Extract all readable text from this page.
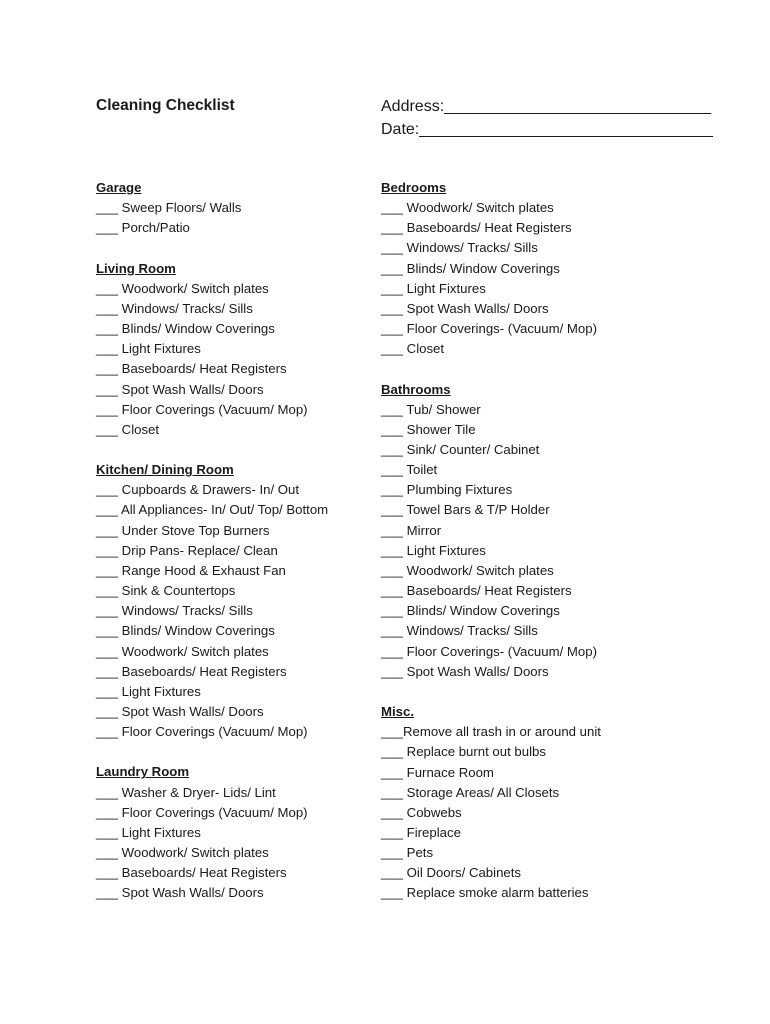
Cleaning Checklist	Address:______________________________
Date:_________________________________
Garage
___ Sweep Floors/ Walls
___ Porch/Patio
Living Room
___ Woodwork/ Switch plates
___ Windows/ Tracks/ Sills
___ Blinds/ Window Coverings
___ Light Fixtures
___ Baseboards/ Heat Registers
___ Spot Wash Walls/ Doors
___ Floor Coverings (Vacuum/ Mop)
___ Closet
Kitchen/ Dining Room
___ Cupboards & Drawers- In/ Out
___ All Appliances- In/ Out/ Top/ Bottom
___ Under Stove Top Burners
___ Drip Pans- Replace/ Clean
___ Range Hood & Exhaust Fan
___ Sink & Countertops
___ Windows/ Tracks/ Sills
___ Blinds/ Window Coverings
___ Woodwork/ Switch plates
___ Baseboards/ Heat Registers
___ Light Fixtures
___ Spot Wash Walls/ Doors
___ Floor Coverings (Vacuum/ Mop)
Laundry Room
___ Washer & Dryer- Lids/ Lint
___ Floor Coverings (Vacuum/ Mop)
___ Light Fixtures
___ Woodwork/ Switch plates
___ Baseboards/ Heat Registers
___ Spot Wash Walls/ Doors
Bedrooms
___ Woodwork/ Switch plates
___ Baseboards/ Heat Registers
___ Windows/ Tracks/ Sills
___ Blinds/ Window Coverings
___ Light Fixtures
___ Spot Wash Walls/ Doors
___ Floor Coverings- (Vacuum/ Mop)
___ Closet
Bathrooms
___ Tub/ Shower
___ Shower Tile
___ Sink/ Counter/ Cabinet
___ Toilet
___ Plumbing Fixtures
___ Towel Bars & T/P Holder
___ Mirror
___ Light Fixtures
___ Woodwork/ Switch plates
___ Baseboards/ Heat Registers
___ Blinds/ Window Coverings
___ Windows/ Tracks/ Sills
___ Floor Coverings- (Vacuum/ Mop)
___ Spot Wash Walls/ Doors
Misc.
___Remove all trash in or around unit
___ Replace burnt out bulbs
___ Furnace Room
___ Storage Areas/ All Closets
___ Cobwebs
___ Fireplace
___ Pets
___ Oil Doors/ Cabinets
___ Replace smoke alarm batteries
